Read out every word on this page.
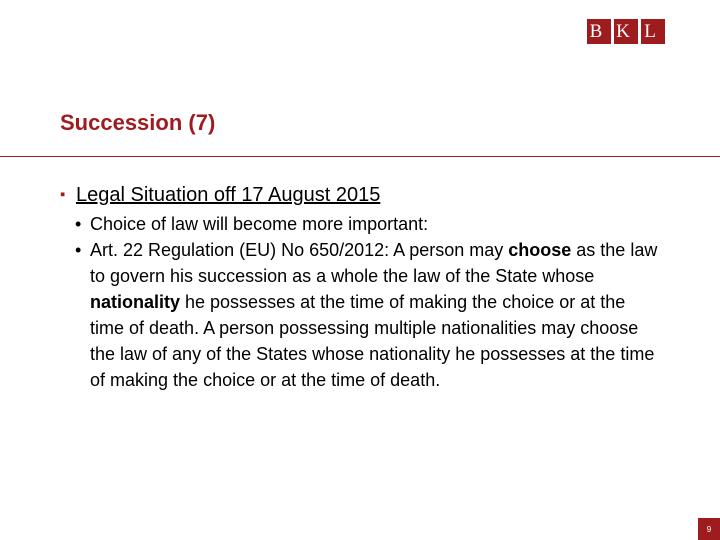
B K L
Succession (7)
▪ Legal Situation off 17 August 2015
• Choice of law will become more important:
• Art. 22 Regulation (EU) No 650/2012: A person may choose as the law to govern his succession as a whole the law of the State whose nationality he possesses at the time of making the choice or at the time of death. A person possessing multiple nationalities may choose the law of any of the States whose nationality he possesses at the time of making the choice or at the time of death.
9
